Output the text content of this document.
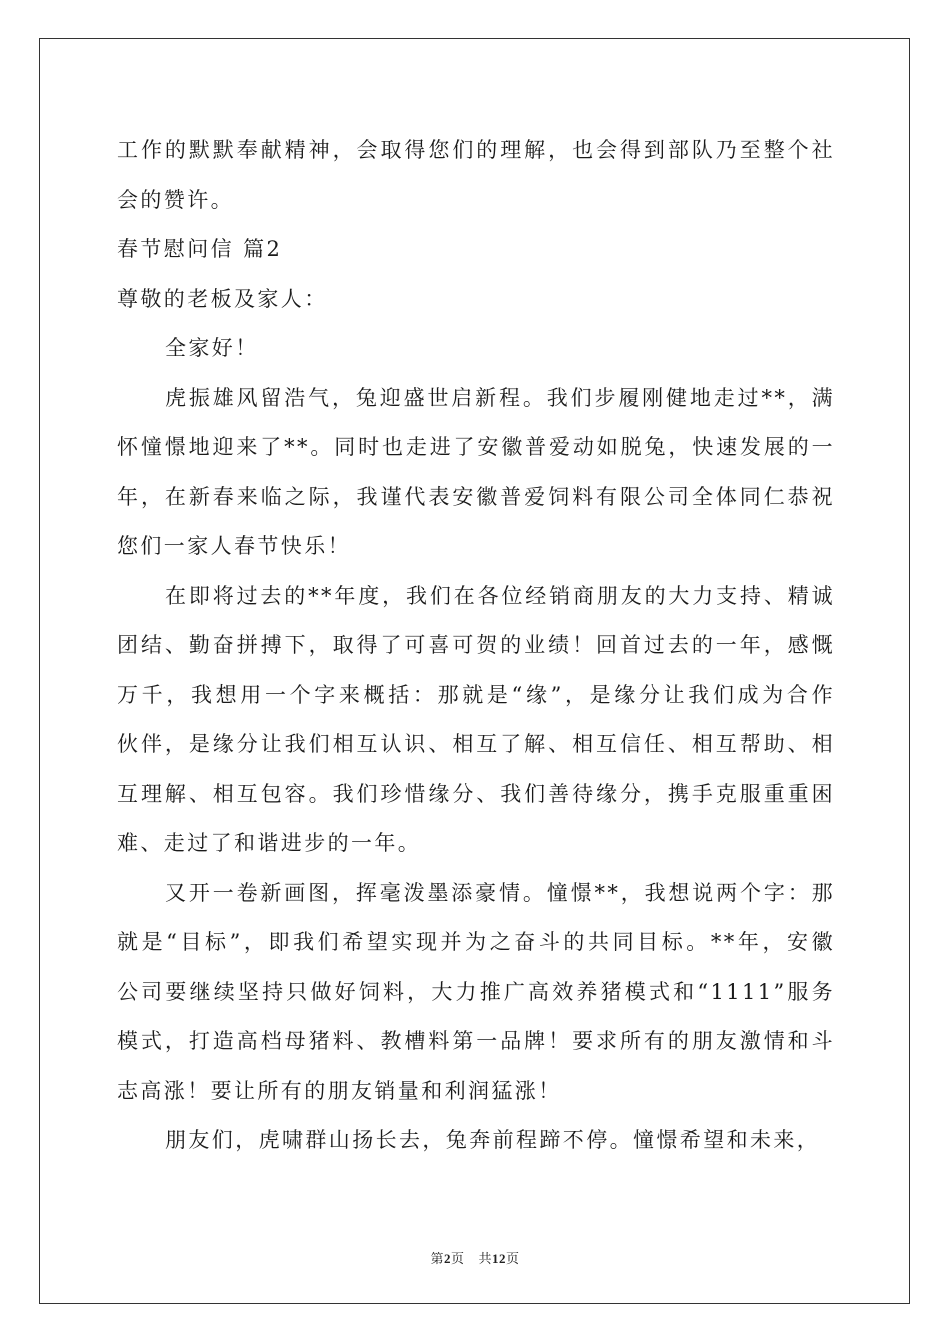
工作的默默奉献精神，会取得您们的理解，也会得到部队乃至整个社
会的赞许。
春节慰问信 篇2
尊敬的老板及家人：
全家好！
虎振雄风留浩气，兔迎盛世启新程。我们步履刚健地走过**，满
怀憧憬地迎来了**。同时也走进了安徽普爱动如脱兔，快速发展的一
年，在新春来临之际，我谨代表安徽普爱饲料有限公司全体同仁恭祝
您们一家人春节快乐！
在即将过去的**年度，我们在各位经销商朋友的大力支持、精诚
团结、勤奋拼搏下，取得了可喜可贺的业绩！回首过去的一年，感慨
万千，我想用一个字来概括：那就是“缘”，是缘分让我们成为合作
伙伴，是缘分让我们相互认识、相互了解、相互信任、相互帮助、相
互理解、相互包容。我们珍惜缘分、我们善待缘分，携手克服重重困
难、走过了和谐进步的一年。
又开一卷新画图，挥毫泼墨添豪情。憧憬**，我想说两个字：那
就是“目标”，即我们希望实现并为之奋斗的共同目标。**年，安徽
公司要继续坚持只做好饲料，大力推广高效养猪模式和“1111”服务
模式，打造高档母猪料、教槽料第一品牌！要求所有的朋友激情和斗
志高涨！要让所有的朋友销量和利润猛涨！
朋友们，虎啸群山扬长去，兔奔前程蹄不停。憧憬希望和未来，
第2页 共12页
